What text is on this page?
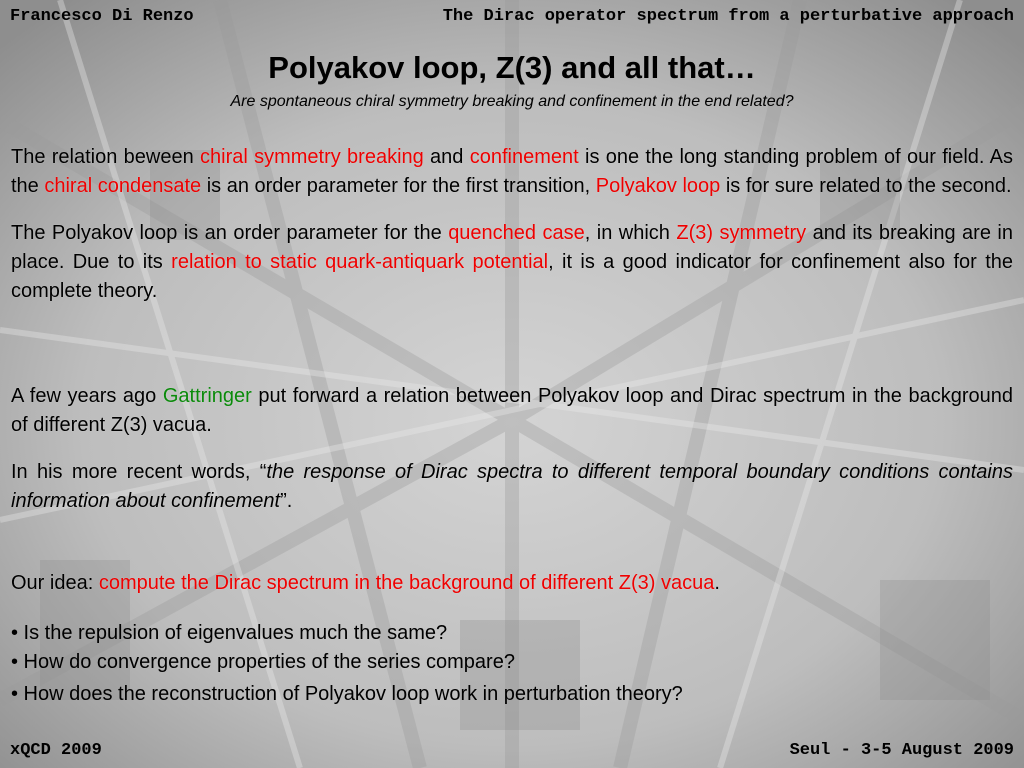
Francesco Di Renzo	The Dirac operator spectrum from a perturbative approach
Polyakov loop, Z(3) and all that…
Are spontaneous chiral symmetry breaking and confinement in the end related?
The relation beween chiral symmetry breaking and confinement is one the long standing problem of our field. As the chiral condensate is an order parameter for the first transition, Polyakov loop is for sure related to the second.
The Polyakov loop is an order parameter for the quenched case, in which Z(3) symmetry and its breaking are in place. Due to its relation to static quark-antiquark potential, it is a good indicator for confinement also for the complete theory.
A few years ago Gattringer put forward a relation between Polyakov loop and Dirac spectrum in the background of different Z(3) vacua.
In his more recent words, “the response of Dirac spectra to different temporal boundary conditions contains information about confinement”.
Our idea: compute the Dirac spectrum in the background of different Z(3) vacua.
• Is the repulsion of eigenvalues much the same?
• How do convergence properties of the series compare?
• How does the reconstruction of Polyakov loop work in perturbation theory?
xQCD 2009	Seul - 3-5 August 2009
